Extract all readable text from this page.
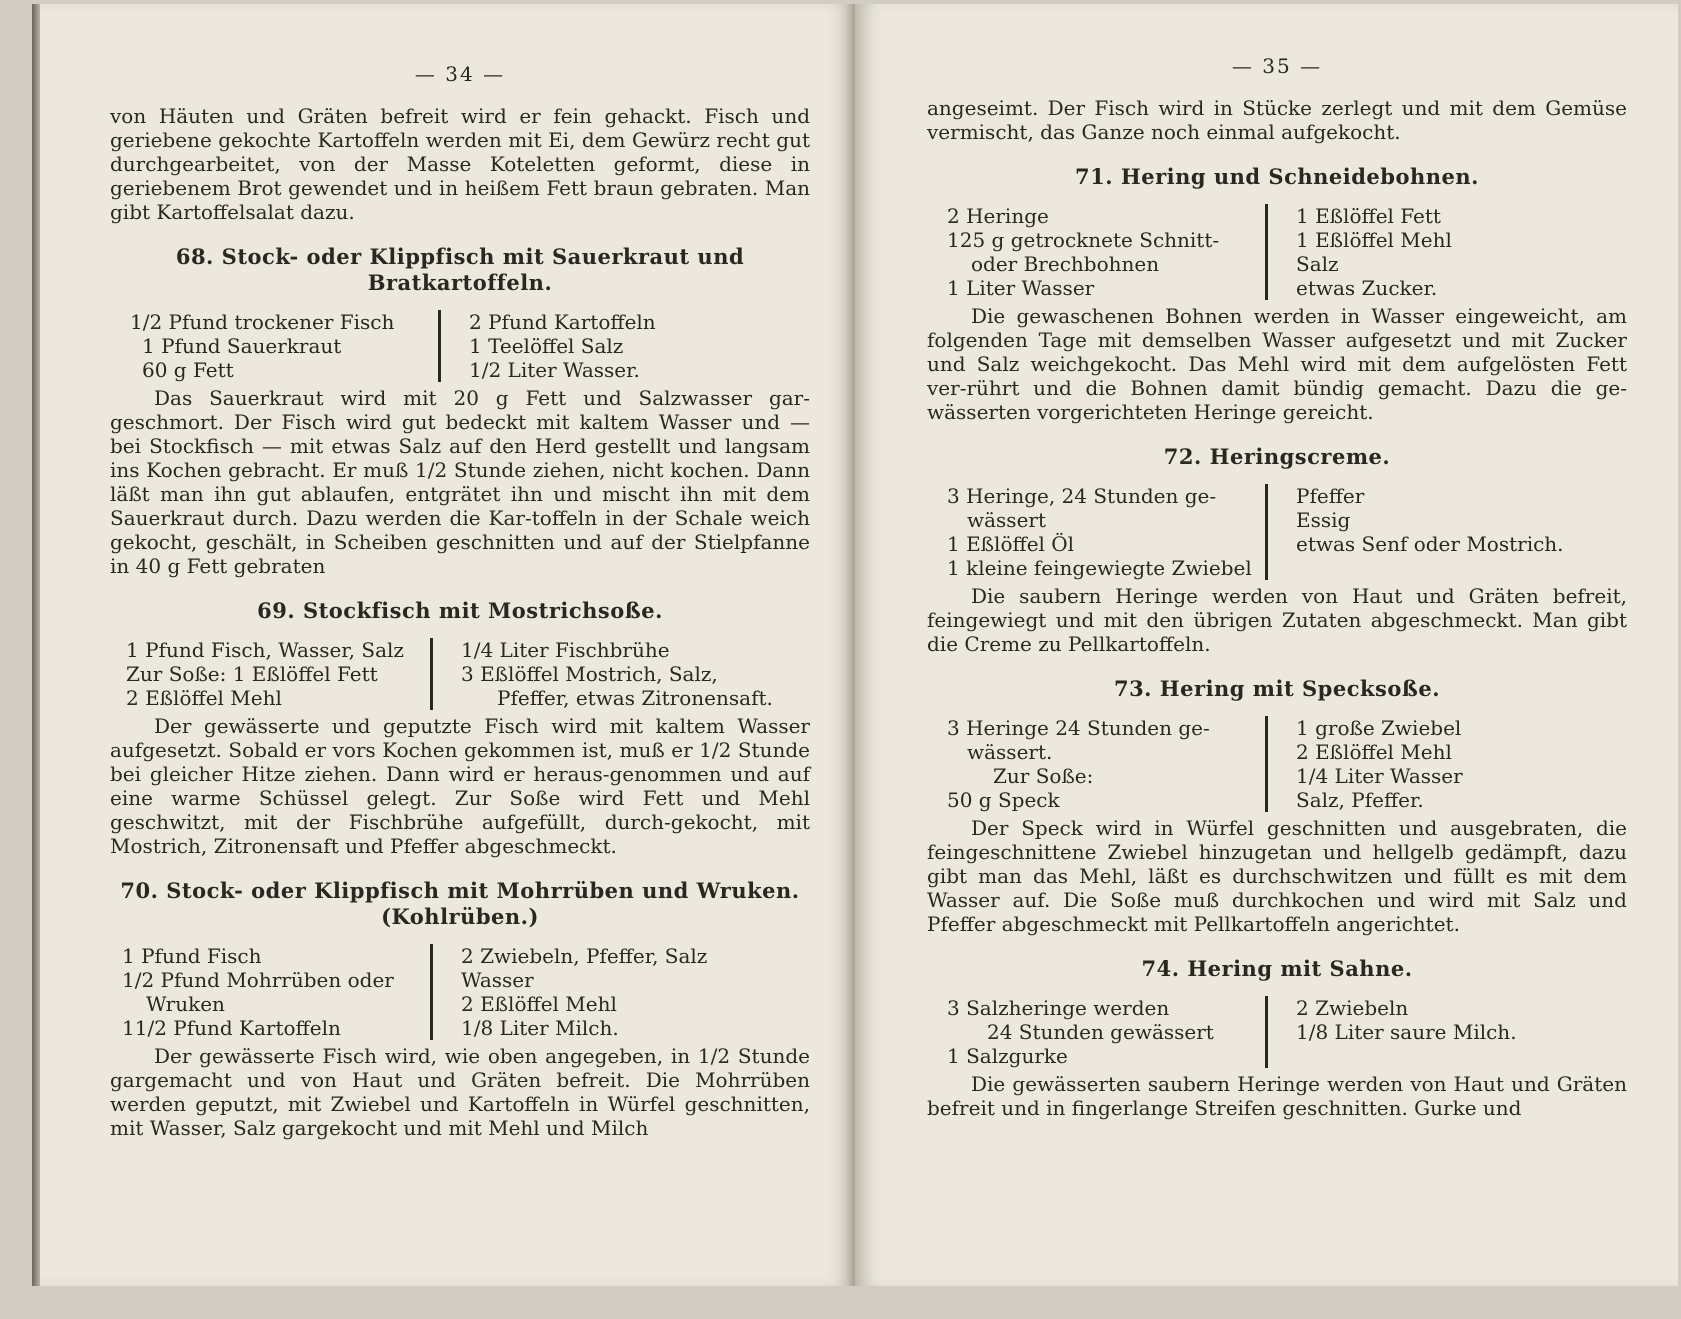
— 34 —

von Häuten und Gräten befreit wird er fein gehackt. Fisch und geriebene gekochte Kartoffeln werden mit Ei, dem Gewürz recht gut durchgearbeitet, von der Masse Koteletten geformt, diese in geriebenem Brot gewendet und in heißem Fett braun gebraten. Man gibt Kartoffelsalat dazu.

68. Stock- oder Klippfisch mit Sauerkraut und Bratkartoffeln.
1/2 Pfund trockener Fisch
1 Pfund Sauerkraut
60 g Fett
2 Pfund Kartoffeln
1 Teelöffel Salz
1/2 Liter Wasser.

Das Sauerkraut wird mit 20 g Fett und Salzwasser gar-geschmort. Der Fisch wird gut bedeckt mit kaltem Wasser und — bei Stockfisch — mit etwas Salz auf den Herd gestellt und langsam ins Kochen gebracht. Er muß 1/2 Stunde ziehen, nicht kochen. Dann läßt man ihn gut ablaufen, entgrätet ihn und mischt ihn mit dem Sauerkraut durch. Dazu werden die Kar-toffeln in der Schale weich gekocht, geschält, in Scheiben geschnitten und auf der Stielpfanne in 40 g Fett gebraten

69. Stockfisch mit Mostrichsoße.
1 Pfund Fisch, Wasser, Salz
Zur Soße: 1 Eßlöffel Fett
2 Eßlöffel Mehl
1/4 Liter Fischbrühe
3 Eßlöffel Mostrich, Salz,
Pfeffer, etwas Zitronensaft.

Der gewässerte und geputzte Fisch wird mit kaltem Wasser aufgesetzt. Sobald er vors Kochen gekommen ist, muß er 1/2 Stunde bei gleicher Hitze ziehen. Dann wird er heraus-genommen und auf eine warme Schüssel gelegt. Zur Soße wird Fett und Mehl geschwitzt, mit der Fischbrühe aufgefüllt, durch-gekocht, mit Mostrich, Zitronensaft und Pfeffer abgeschmeckt.

70. Stock- oder Klippfisch mit Mohrrüben und Wruken. (Kohlrüben.)
1 Pfund Fisch
1/2 Pfund Mohrrüben oder
Wruken
11/2 Pfund Kartoffeln
2 Zwiebeln, Pfeffer, Salz
Wasser
2 Eßlöffel Mehl
1/8 Liter Milch.

Der gewässerte Fisch wird, wie oben angegeben, in 1/2 Stunde gargemacht und von Haut und Gräten befreit. Die Mohrrüben werden geputzt, mit Zwiebel und Kartoffeln in Würfel geschnitten, mit Wasser, Salz gargekocht und mit Mehl und Milch

— 35 —

angeseimt. Der Fisch wird in Stücke zerlegt und mit dem Gemüse vermischt, das Ganze noch einmal aufgekocht.

71. Hering und Schneidebohnen.
2 Heringe
125 g getrocknete Schnitt-
oder Brechbohnen
1 Liter Wasser
1 Eßlöffel Fett
1 Eßlöffel Mehl
Salz
etwas Zucker.

Die gewaschenen Bohnen werden in Wasser eingeweicht, am folgenden Tage mit demselben Wasser aufgesetzt und mit Zucker und Salz weichgekocht. Das Mehl wird mit dem aufgelösten Fett ver-rührt und die Bohnen damit bündig gemacht. Dazu die ge-wässerten vorgerichteten Heringe gereicht.

72. Heringscreme.
3 Heringe, 24 Stunden ge-
wässert
1 Eßlöffel Öl
1 kleine feingewiegte Zwiebel
Pfeffer
Essig
etwas Senf oder Mostrich.

Die saubern Heringe werden von Haut und Gräten befreit, feingewiegt und mit den übrigen Zutaten abgeschmeckt. Man gibt die Creme zu Pellkartoffeln.

73. Hering mit Specksoße.
3 Heringe 24 Stunden ge-
wässert.
Zur Soße:
50 g Speck
1 große Zwiebel
2 Eßlöffel Mehl
1/4 Liter Wasser
Salz, Pfeffer.

Der Speck wird in Würfel geschnitten und ausgebraten, die feingeschnittene Zwiebel hinzugetan und hellgelb gedämpft, dazu gibt man das Mehl, läßt es durchschwitzen und füllt es mit dem Wasser auf. Die Soße muß durchkochen und wird mit Salz und Pfeffer abgeschmeckt mit Pellkartoffeln angerichtet.

74. Hering mit Sahne.
3 Salzheringe werden
24 Stunden gewässert
1 Salzgurke
2 Zwiebeln
1/8 Liter saure Milch.

Die gewässerten saubern Heringe werden von Haut und Gräten befreit und in fingerlange Streifen geschnitten. Gurke und
